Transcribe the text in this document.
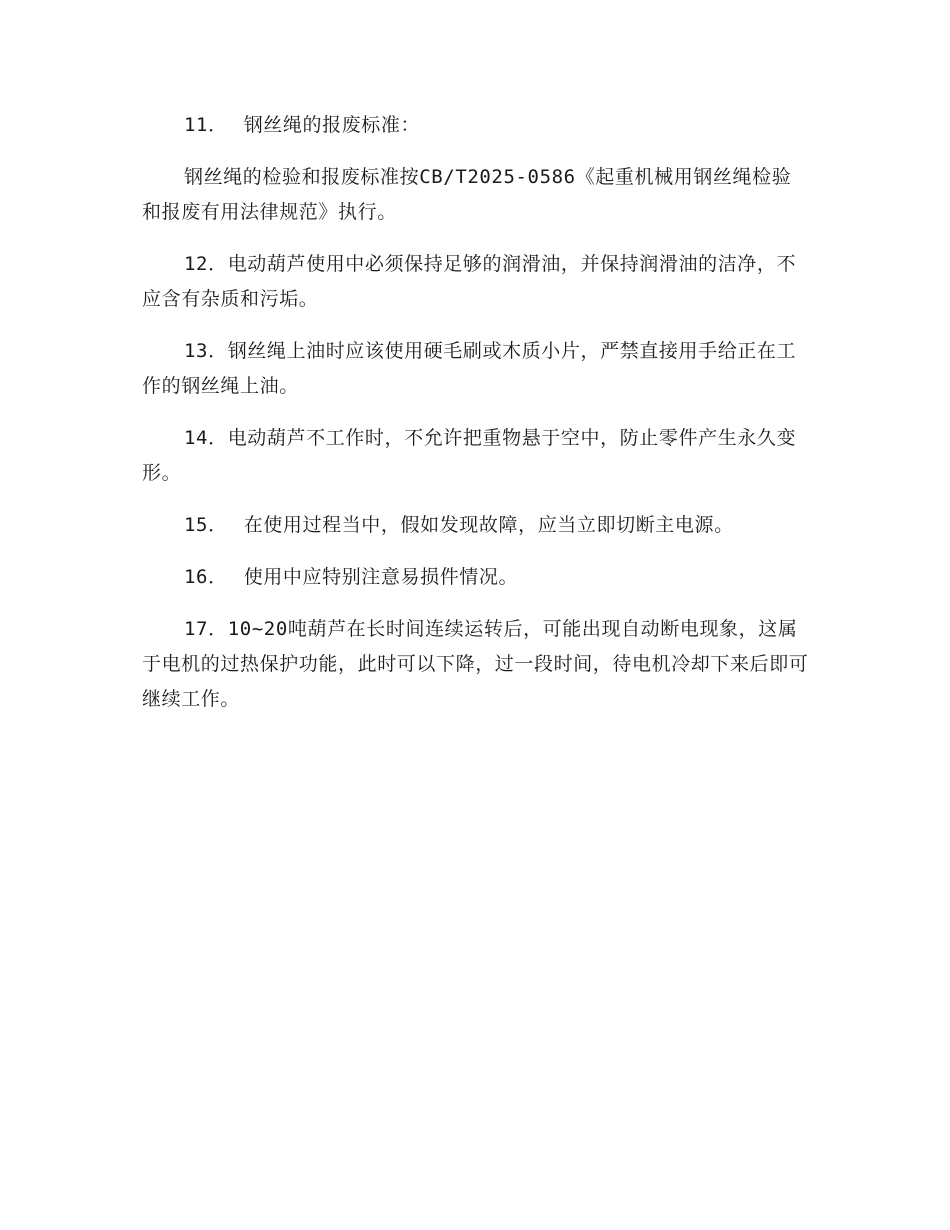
11． 钢丝绳的报废标准：

钢丝绳的检验和报废标准按CB/T2025-0586《起重机械用钢丝绳检验和报废有用法律规范》执行。

12．电动葫芦使用中必须保持足够的润滑油，并保持润滑油的洁净，不应含有杂质和污垢。

13．钢丝绳上油时应该使用硬毛刷或木质小片，严禁直接用手给正在工作的钢丝绳上油。

14．电动葫芦不工作时，不允许把重物悬于空中，防止零件产生永久变形。

15． 在使用过程当中，假如发现故障，应当立即切断主电源。

16． 使用中应特别注意易损件情况。

17．10~20吨葫芦在长时间连续运转后，可能出现自动断电现象，这属于电机的过热保护功能，此时可以下降，过一段时间，待电机冷却下来后即可继续工作。
